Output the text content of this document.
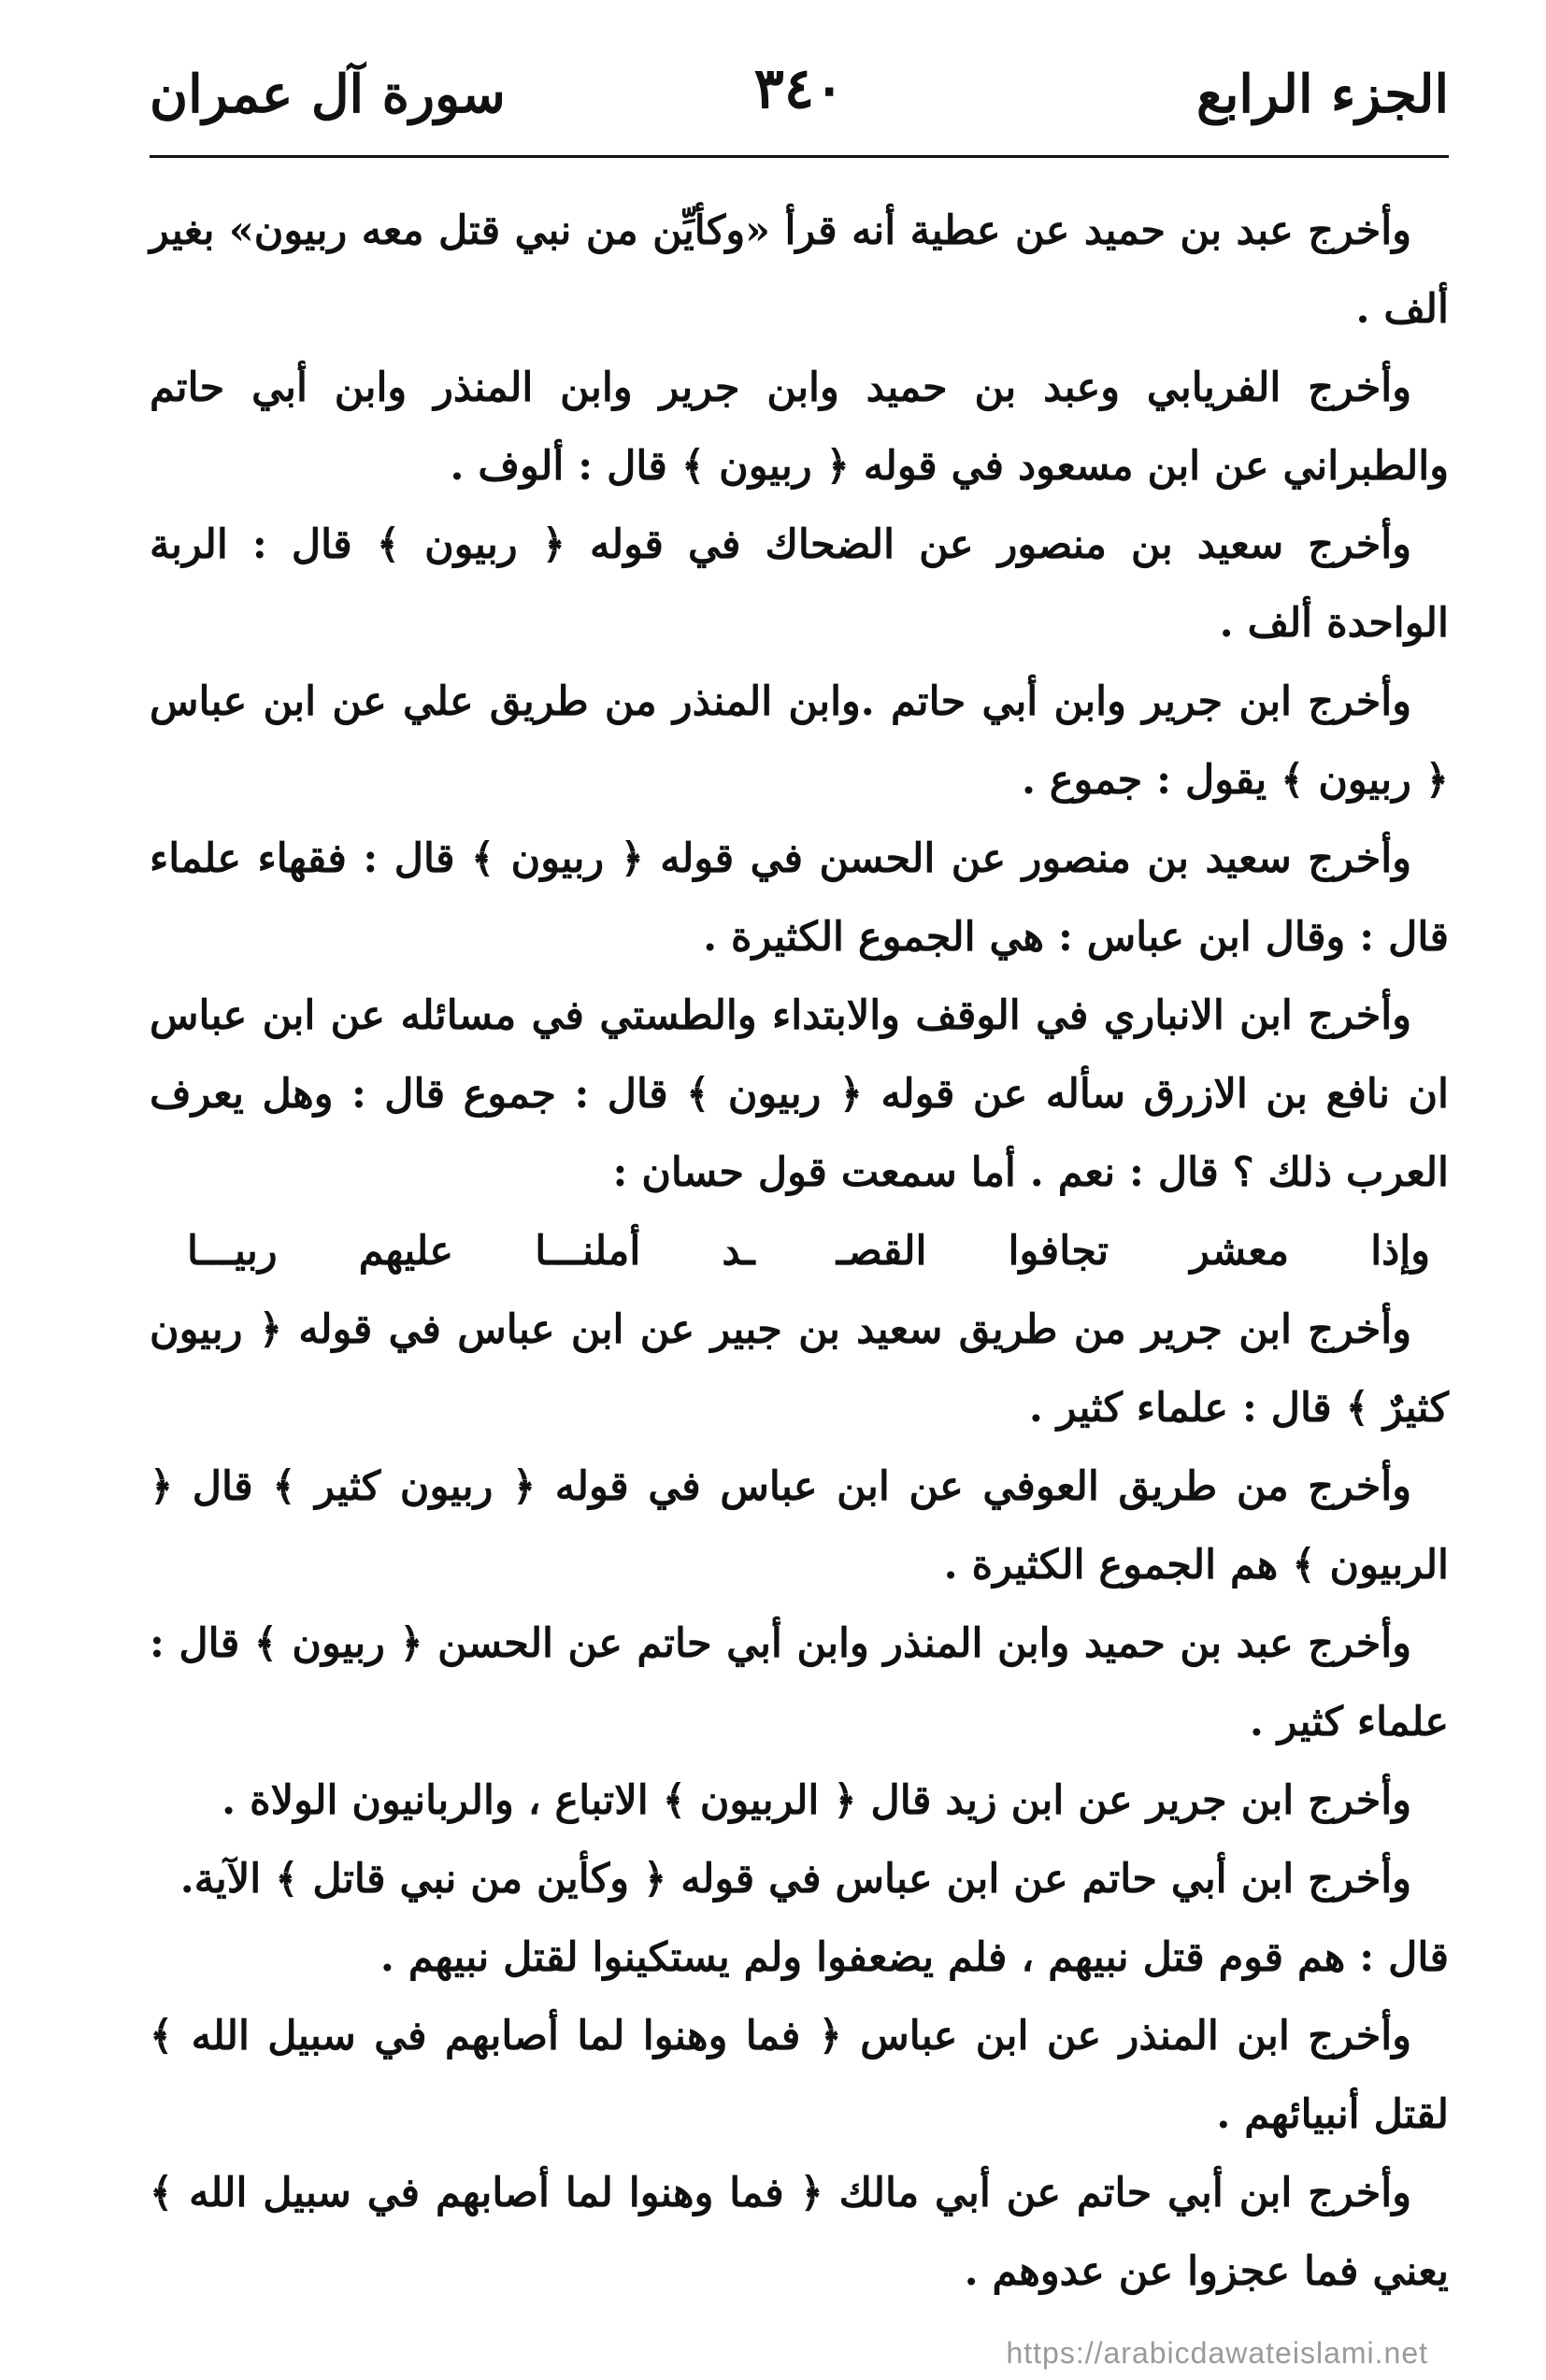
الجزء الرابع
٣٤٠
سورة آل عمران

وأخرج عبد بن حميد عن عطية أنه قرأ «وكأيِّن من نبي قتل معه ربيون» بغير ألف .

وأخرج الفريابي وعبد بن حميد وابن جرير وابن المنذر وابن أبي حاتم والطبراني عن ابن مسعود في قوله ﴿ ربيون ﴾ قال : ألوف .

وأخرج سعيد بن منصور عن الضحاك في قوله ﴿ ربيون ﴾ قال : الربة الواحدة ألف .

وأخرج ابن جرير وابن أبي حاتم .وابن المنذر من طريق علي عن ابن عباس ﴿ ربيون ﴾ يقول : جموع .

وأخرج سعيد بن منصور عن الحسن في قوله ﴿ ربيون ﴾ قال : فقهاء علماء قال : وقال ابن عباس : هي الجموع الكثيرة .

وأخرج ابن الانباري في الوقف والابتداء والطستي في مسائله عن ابن عباس ان نافع بن الازرق سأله عن قوله ﴿ ربيون ﴾ قال : جموع قال : وهل يعرف العرب ذلك ؟ قال : نعم . أما سمعت قول حسان :

وإذا
معشر
تجافوا
القصـ
ـد
أملنـــا
عليهم
ربيـــا

وأخرج ابن جرير من طريق سعيد بن جبير عن ابن عباس في قوله ﴿ ربيون كثيرٌ ﴾ قال : علماء كثير .

وأخرج من طريق العوفي عن ابن عباس في قوله ﴿ ربيون كثير ﴾ قال ﴿ الربيون ﴾ هم الجموع الكثيرة .

وأخرج عبد بن حميد وابن المنذر وابن أبي حاتم عن الحسن ﴿ ربيون ﴾ قال : علماء كثير .

وأخرج ابن جرير عن ابن زيد قال ﴿ الربيون ﴾ الاتباع ، والربانيون الولاة .

وأخرج ابن أبي حاتم عن ابن عباس في قوله ﴿ وكأين من نبي قاتل ﴾ الآية.

قال : هم قوم قتل نبيهم ، فلم يضعفوا ولم يستكينوا لقتل نبيهم .

وأخرج ابن المنذر عن ابن عباس ﴿ فما وهنوا لما أصابهم في سبيل الله ﴾ لقتل أنبيائهم .

وأخرج ابن أبي حاتم عن أبي مالك ﴿ فما وهنوا لما أصابهم في سبيل الله ﴾ يعني فما عجزوا عن عدوهم .

https://arabicdawateislami.net
